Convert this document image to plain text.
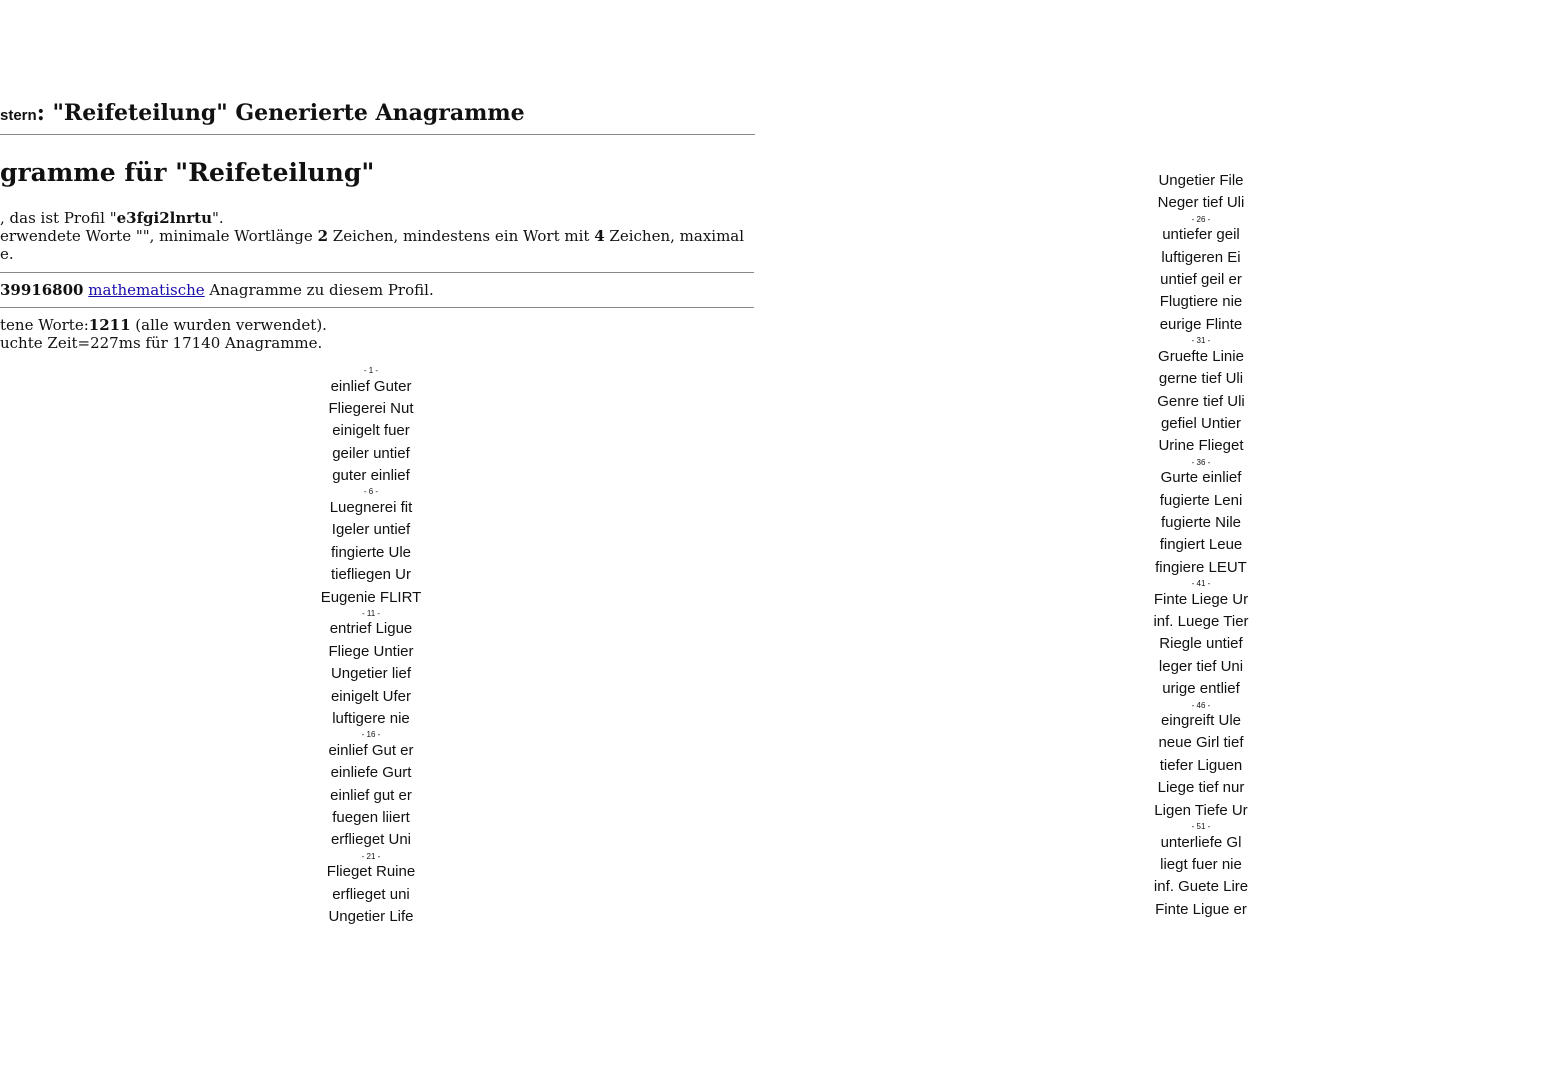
stern: "Reifeteilung" Generierte Anagramme
gramme für "Reifeteilung"
, das ist Profil "e3fgi2lnrtu".
erwendete Worte "", minimale Wortlänge 2 Zeichen, mindestens ein Wort mit 4 Zeichen, maximal
e.
39916800 mathematische Anagramme zu diesem Profil.
tene Worte:1211 (alle wurden verwendet).
uchte Zeit=227ms für 17140 Anagramme.
- 1 -
einlief Guter
Fliegerei Nut
einigelt fuer
geiler untief
guter einlief
- 6 -
Luegnerei fit
Igeler untief
fingierte Ule
tiefliegen Ur
Eugenie FLIRT
- 11 -
entrief Ligue
Fliege Untier
Ungetier lief
einigelt Ufer
luftigere nie
- 16 -
einlief Gut er
einliefe Gurt
einlief gut er
fuegen liiert
erflieget Uni
- 21 -
Flieget Ruine
erflieget uni
Ungetier Life
Ungetier File
Neger tief Uli
- 26 -
untiefer geil
luftigeren Ei
untief geil er
Flugtiere nie
eurige Flinte
- 31 -
Gruefte Linie
gerne tief Uli
Genre tief Uli
gefiel Untier
Urine Flieget
- 36 -
Gurte einlief
fugierte Leni
fugierte Nile
fingiert Leue
fingiere LEUT
- 41 -
Finte Liege Ur
inf. Luege Tier
Riegle untief
leger tief Uni
urige entlief
- 46 -
eingreift Ule
neue Girl tief
tiefer Liguen
Liege tief nur
Ligen Tiefe Ur
- 51 -
unterliefe Gl
liegt fuer nie
inf. Guete Lire
Finte Ligue er
